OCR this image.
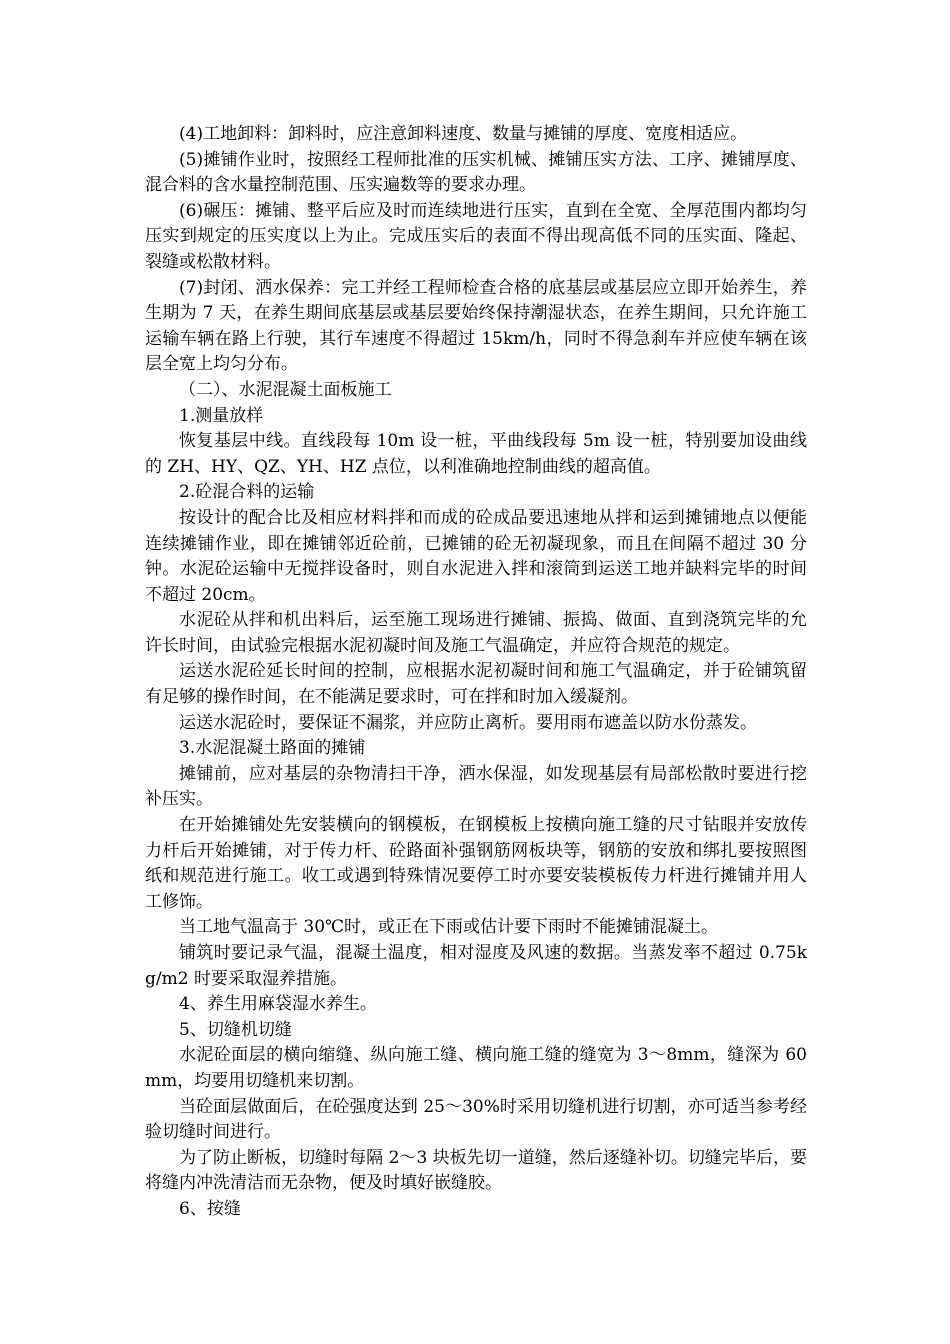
(4)工地卸料：卸料时，应注意卸料速度、数量与摊铺的厚度、宽度相适应。

(5)摊铺作业时，按照经工程师批准的压实机械、摊铺压实方法、工序、摊铺厚度、混合料的含水量控制范围、压实遍数等的要求办理。

(6)碾压：摊铺、整平后应及时而连续地进行压实，直到在全宽、全厚范围内都均匀压实到规定的压实度以上为止。完成压实后的表面不得出现高低不同的压实面、隆起、裂缝或松散材料。

(7)封闭、洒水保养：完工并经工程师检查合格的底基层或基层应立即开始养生，养生期为 7 天，在养生期间底基层或基层要始终保持潮湿状态，在养生期间，只允许施工运输车辆在路上行驶，其行车速度不得超过 15km/h，同时不得急刹车并应使车辆在该层全宽上均匀分布。

（二）、水泥混凝土面板施工

1.测量放样

恢复基层中线。直线段每 10m 设一桩，平曲线段每 5m 设一桩，特别要加设曲线的 ZH、HY、QZ、YH、HZ 点位，以利准确地控制曲线的超高值。

2.砼混合料的运输

按设计的配合比及相应材料拌和而成的砼成品要迅速地从拌和运到摊铺地点以便能连续摊铺作业，即在摊铺邻近砼前，已摊铺的砼无初凝现象，而且在间隔不超过 30 分钟。水泥砼运输中无搅拌设备时，则自水泥进入拌和滚筒到运送工地并缺料完毕的时间不超过 20cm。

水泥砼从拌和机出料后，运至施工现场进行摊铺、振捣、做面、直到浇筑完毕的允许长时间，由试验完根据水泥初凝时间及施工气温确定，并应符合规范的规定。

运送水泥砼延长时间的控制，应根据水泥初凝时间和施工气温确定，并于砼铺筑留有足够的操作时间，在不能满足要求时，可在拌和时加入缓凝剂。

运送水泥砼时，要保证不漏浆，并应防止离析。要用雨布遮盖以防水份蒸发。

3.水泥混凝土路面的摊铺

摊铺前，应对基层的杂物清扫干净，洒水保湿，如发现基层有局部松散时要进行挖补压实。

在开始摊铺处先安装横向的钢模板，在钢模板上按横向施工缝的尺寸钻眼并安放传力杆后开始摊铺，对于传力杆、砼路面补强钢筋网板块等，钢筋的安放和绑扎要按照图纸和规范进行施工。收工或遇到特殊情况要停工时亦要安装模板传力杆进行摊铺并用人工修饰。

当工地气温高于 30℃时，或正在下雨或估计要下雨时不能摊铺混凝土。

铺筑时要记录气温，混凝土温度，相对湿度及风速的数据。当蒸发率不超过 0.75kg/m2 时要采取湿养措施。

4、养生用麻袋湿水养生。

5、切缝机切缝

水泥砼面层的横向缩缝、纵向施工缝、横向施工缝的缝宽为 3～8mm，缝深为 60mm，均要用切缝机来切割。

当砼面层做面后，在砼强度达到 25～30%时采用切缝机进行切割，亦可适当参考经验切缝时间进行。

为了防止断板，切缝时每隔 2～3 块板先切一道缝，然后逐缝补切。切缝完毕后，要将缝内冲洗清洁而无杂物，便及时填好嵌缝胶。

6、按缝
